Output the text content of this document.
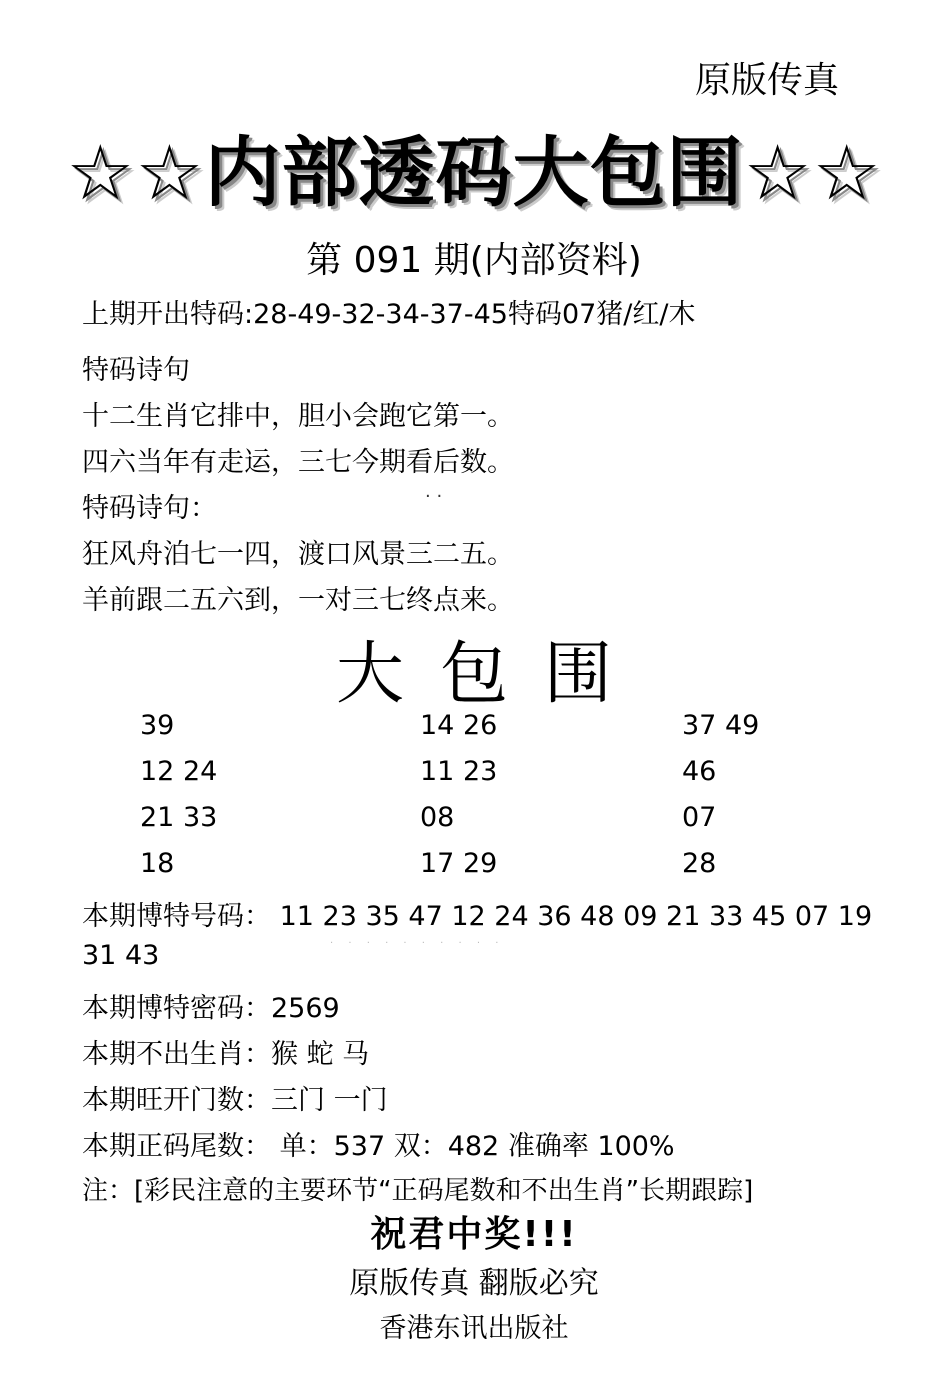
原版传真
☆☆内部透码大包围☆☆
第 091 期(内部资料)
上期开出特码:28-49-32-34-37-45特码07猪/红/木
特码诗句
十二生肖它排中，胆小会跑它第一。
四六当年有走运，三七今期看后数。
特码诗句：	· ·
狂风舟泊七一四，渡口风景三二五。
羊前跟二五六到，一对三七终点来。
大包围
39
12 24
21 33
18
14 26
11 23
08
17 29
37 49
46
07
28
本期博特号码： 11 23 35 47 12 24 36 48 09 21 33 45 07 19
31 43	· · · · · · · · · ·
本期博特密码：2569
本期不出生肖：猴 蛇 马
本期旺开门数：三门 一门
本期正码尾数： 单：537 双：482 准确率 100%
注：[彩民注意的主要环节“正码尾数和不出生肖”长期跟踪]
祝君中奖!!!
原版传真 翻版必究
香港东讯出版社
